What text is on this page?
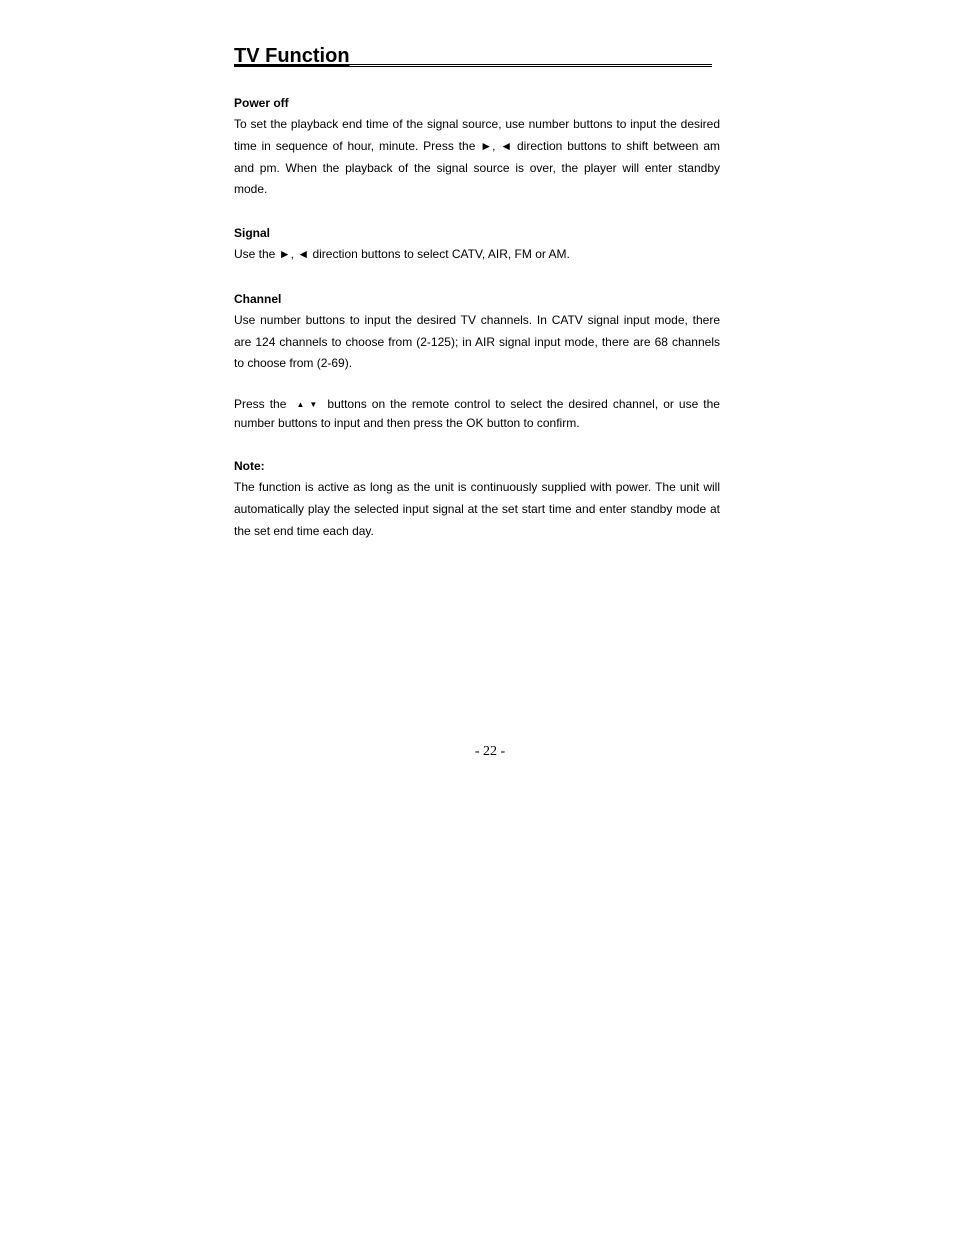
TV Function
Power off

To set the playback end time of the signal source, use number buttons to input the desired time in sequence of hour, minute. Press the ►, ◄ direction buttons to shift between am and pm. When the playback of the signal source is over, the player will enter standby mode.

Signal

Use the ►, ◄ direction buttons to select CATV, AIR, FM or AM.

Channel

Use number buttons to input the desired TV channels. In CATV signal input mode, there are 124 channels to choose from (2-125); in AIR signal input mode, there are 68 channels to choose from (2-69).

Press the ▲ ▼ buttons on the remote control to select the desired channel, or use the number buttons to input and then press the OK button to confirm.

Note:

The function is active as long as the unit is continuously supplied with power. The unit will automatically play the selected input signal at the set start time and enter standby mode at the set end time each day.

- 22 -
